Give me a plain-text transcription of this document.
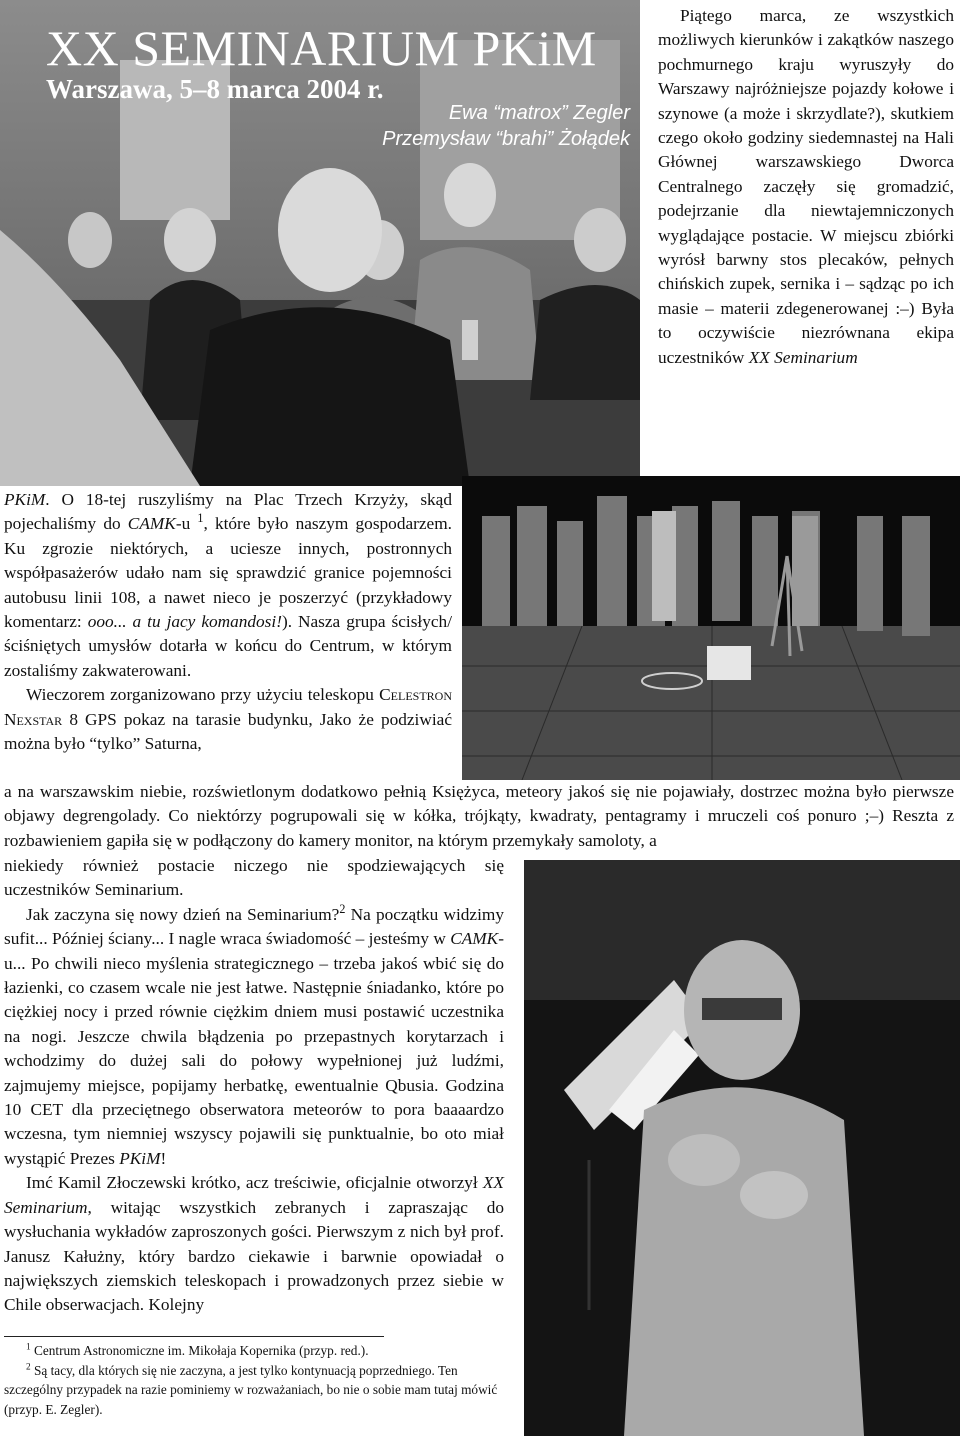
XX SEMINARIUM PKiM
Warszawa, 5–8 marca 2004 r.
Ewa “matrox” Zegler
Przemysław “brahi” Żołądek

Piątego marca, ze wszystkich możliwych kierunków i zakątków naszego pochmurnego kraju wyruszyły do Warszawy najróżniejsze pojazdy kołowe i szynowe (a może i skrzydlate?), skutkiem czego około godziny siedemnastej na Hali Głównej warszawskiego Dworca Centralnego zaczęły się gromadzić, podejrzanie dla niewtajemniczonych wyglądające postacie. W miejscu zbiórki wyrósł barwny stos plecaków, pełnych chińskich zupek, sernika i – sądząc po ich masie – materii zdegenerowanej :–) Była to oczywiście niezrównana ekipa uczestników XX Seminarium

PKiM. O 18-tej ruszyliśmy na Plac Trzech Krzyży, skąd pojechaliśmy do CAMK-u $^1$, które było naszym gospodarzem. Ku zgrozie niektórych, a uciesze innych, postronnych współpasażerów udało nam się sprawdzić granice pojemności autobusu linii 108, a nawet nieco je poszerzyć (przykładowy komentarz: ooo... a tu jacy komandosi!). Nasza grupa ścisłych/ściśniętych umysłów dotarła w końcu do Centrum, w którym zostaliśmy zakwaterowani.

Wieczorem zorganizowano przy użyciu teleskopu Celestron Nexstar 8 GPS pokaz na tarasie budynku, Jako że podziwiać można było “tylko” Saturna,

a na warszawskim niebie, rozświetlonym dodatkowo pełnią Księżyca, meteory jakoś się nie pojawiały, dostrzec można było pierwsze objawy degrengolady. Co niektórzy pogrupowali się w kółka, trójkąty, kwadraty, pentagramy i mruczeli coś ponuro ;–) Reszta z rozbawieniem gapiła się w podłączony do kamery monitor, na którym przemykały samoloty, a

niekiedy również postacie niczego nie spodziewających się uczestników Seminarium.

Jak zaczyna się nowy dzień na Seminarium?$^2$ Na początku widzimy sufit... Później ściany... I nagle wraca świadomość – jesteśmy w CAMK-u... Po chwili nieco myślenia strategicznego – trzeba jakoś wbić się do łazienki, co czasem wcale nie jest łatwe. Następnie śniadanko, które po ciężkiej nocy i przed równie ciężkim dniem musi postawić uczestnika na nogi. Jeszcze chwila błądzenia po przepastnych korytarzach i wchodzimy do dużej sali do połowy wypełnionej już ludźmi, zajmujemy miejsce, popijamy herbatkę, ewentualnie Qbusia. Godzina 10 CET dla przeciętnego obserwatora meteorów to pora baaaardzo wczesna, tym niemniej wszyscy pojawili się punktualnie, bo oto miał wystąpić Prezes PKiM!

Imć Kamil Złoczewski krótko, acz treściwie, oficjalnie otworzył XX Seminarium, witając wszystkich zebranych i zapraszając do wysłuchania wykładów zaproszonych gości. Pierwszym z nich był prof. Janusz Kałużny, który bardzo ciekawie i barwnie opowiadał o największych ziemskich teleskopach i prowadzonych przez siebie w Chile obserwacjach. Kolejny

$^1$ Centrum Astronomiczne im. Mikołaja Kopernika (przyp. red.).

$^2$ Są tacy, dla których się nie zaczyna, a jest tylko kontynuacją poprzedniego. Ten szczególny przypadek na razie pominiemy w rozważaniach, bo nie o sobie mam tutaj mówić (przyp. E. Zegler).
